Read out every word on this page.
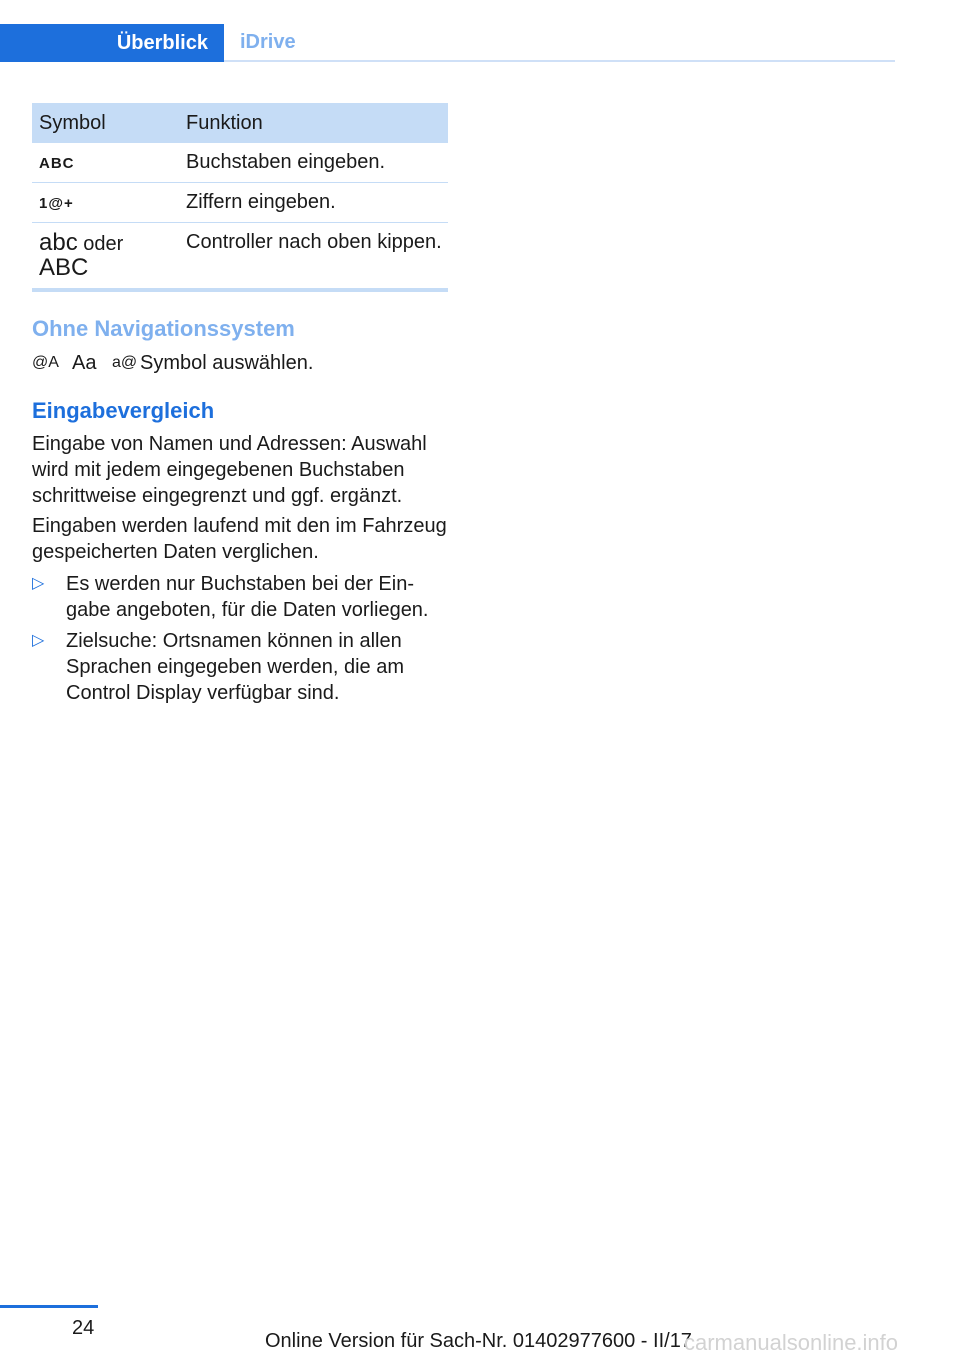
Überblick	iDrive
Symbol	Funktion
ABC	Buchstaben eingeben.
1@+	Ziffern eingeben.
abc oder
ABC	Controller nach oben kippen.
Ohne Navigationssystem
@A Aa a@ Symbol auswählen.
Eingabevergleich

Eingabe von Namen und Adressen: Auswahl wird mit jedem eingegebenen Buchstaben schrittweise eingegrenzt und ggf. ergänzt.

Eingaben werden laufend mit den im Fahrzeug gespeicherten Daten verglichen.

▷ Es werden nur Buchstaben bei der Ein-gabe angeboten, für die Daten vorliegen.
▷ Zielsuche: Ortsnamen können in allen Sprachen eingegeben werden, die am Control Display verfügbar sind.
24
Online Version für Sach-Nr. 01402977600 - II/17
carmanualsonline.info
